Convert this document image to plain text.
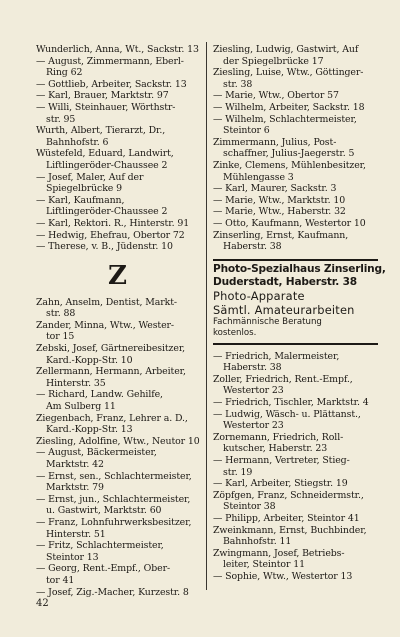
Wunderlich, Anna, Wt., Sackstr. 13
— August, Zimmermann, Eberl-
Ring 62
— Gottlieb, Arbeiter, Sackstr. 13
— Karl, Brauer, Marktstr. 97
— Willi, Steinhauer, Wörthstr-
str. 95
Wurth, Albert, Tierarzt, Dr.,
Bahnhofstr. 6
Wüstefeld, Eduard, Landwirt,
Liftlingeröder-Chaussee 2
— Josef, Maler, Auf der
Spiegelbrücke 9
— Karl, Kaufmann,
Liftlingeröder-Chaussee 2
— Karl, Rektori. R., Hinterstr. 91
— Hedwig, Ehefrau, Obertor 72
— Therese, v. B., Jüdenstr. 10
Z
Zahn, Anselm, Dentist, Markt-
str. 88
Zander, Minna, Wtw., Wester-
tor 15
Zebski, Josef, Gärtnereibesitzer,
Kard.-Kopp-Str. 10
Zellermann, Hermann, Arbeiter,
Hinterstr. 35
— Richard, Landw. Gehilfe,
Am Sulberg 11
Ziegenbach, Franz, Lehrer a. D.,
Kard.-Kopp-Str. 13
Ziesling, Adolfine, Wtw., Neutor 10
— August, Bäckermeister,
Marktstr. 42
— Ernst, sen., Schlachtermeister,
Marktstr. 79
— Ernst, jun., Schlachtermeister,
u. Gastwirt, Marktstr. 60
— Franz, Lohnfuhrwerksbesitzer,
Hinterstr. 51
— Fritz, Schlachtermeister,
Steintor 13
— Georg, Rent.-Empf., Ober-
tor 41
— Josef, Zig.-Macher, Kurzestr. 8
Ziesling, Ludwig, Gastwirt, Auf
der Spiegelbrücke 17
Ziesling, Luise, Wtw., Göttinger-
str. 38
— Marie, Wtw., Obertor 57
— Wilhelm, Arbeiter, Sackstr. 18
— Wilhelm, Schlachtermeister,
Steintor 6
Zimmermann, Julius, Post-
schaffner, Julius-Jaegerstr. 5
Zinke, Clemens, Mühlenbesitzer,
Mühlengasse 3
— Karl, Maurer, Sackstr. 3
— Marie, Wtw., Marktstr. 10
— Marie, Wtw., Haberstr. 32
— Otto, Kaufmann, Westertor 10
Zinserling, Ernst, Kaufmann,
Haberstr. 38
Photo-Spezialhaus Zinserling,
Duderstadt, Haberstr. 38
Photo-Apparate
Sämtl. Amateurarbeiten
Fachmännische Beratung
kostenlos.
— Friedrich, Malermeister,
Haberstr. 38
Zoller, Friedrich, Rent.-Empf.,
Westertor 23
— Friedrich, Tischler, Marktstr. 4
— Ludwig, Wäsch- u. Plättanst.,
Westertor 23
Zornemann, Friedrich, Roll-
kutscher, Haberstr. 23
— Hermann, Vertreter, Stieg-
str. 19
— Karl, Arbeiter, Stiegstr. 19
Zöpfgen, Franz, Schneidermstr.,
Steintor 38
— Philipp, Arbeiter, Steintor 41
Zweinkmann, Ernst, Buchbinder,
Bahnhofstr. 11
Zwingmann, Josef, Betriebs-
leiter, Steintor 11
— Sophie, Wtw., Westertor 13
42
